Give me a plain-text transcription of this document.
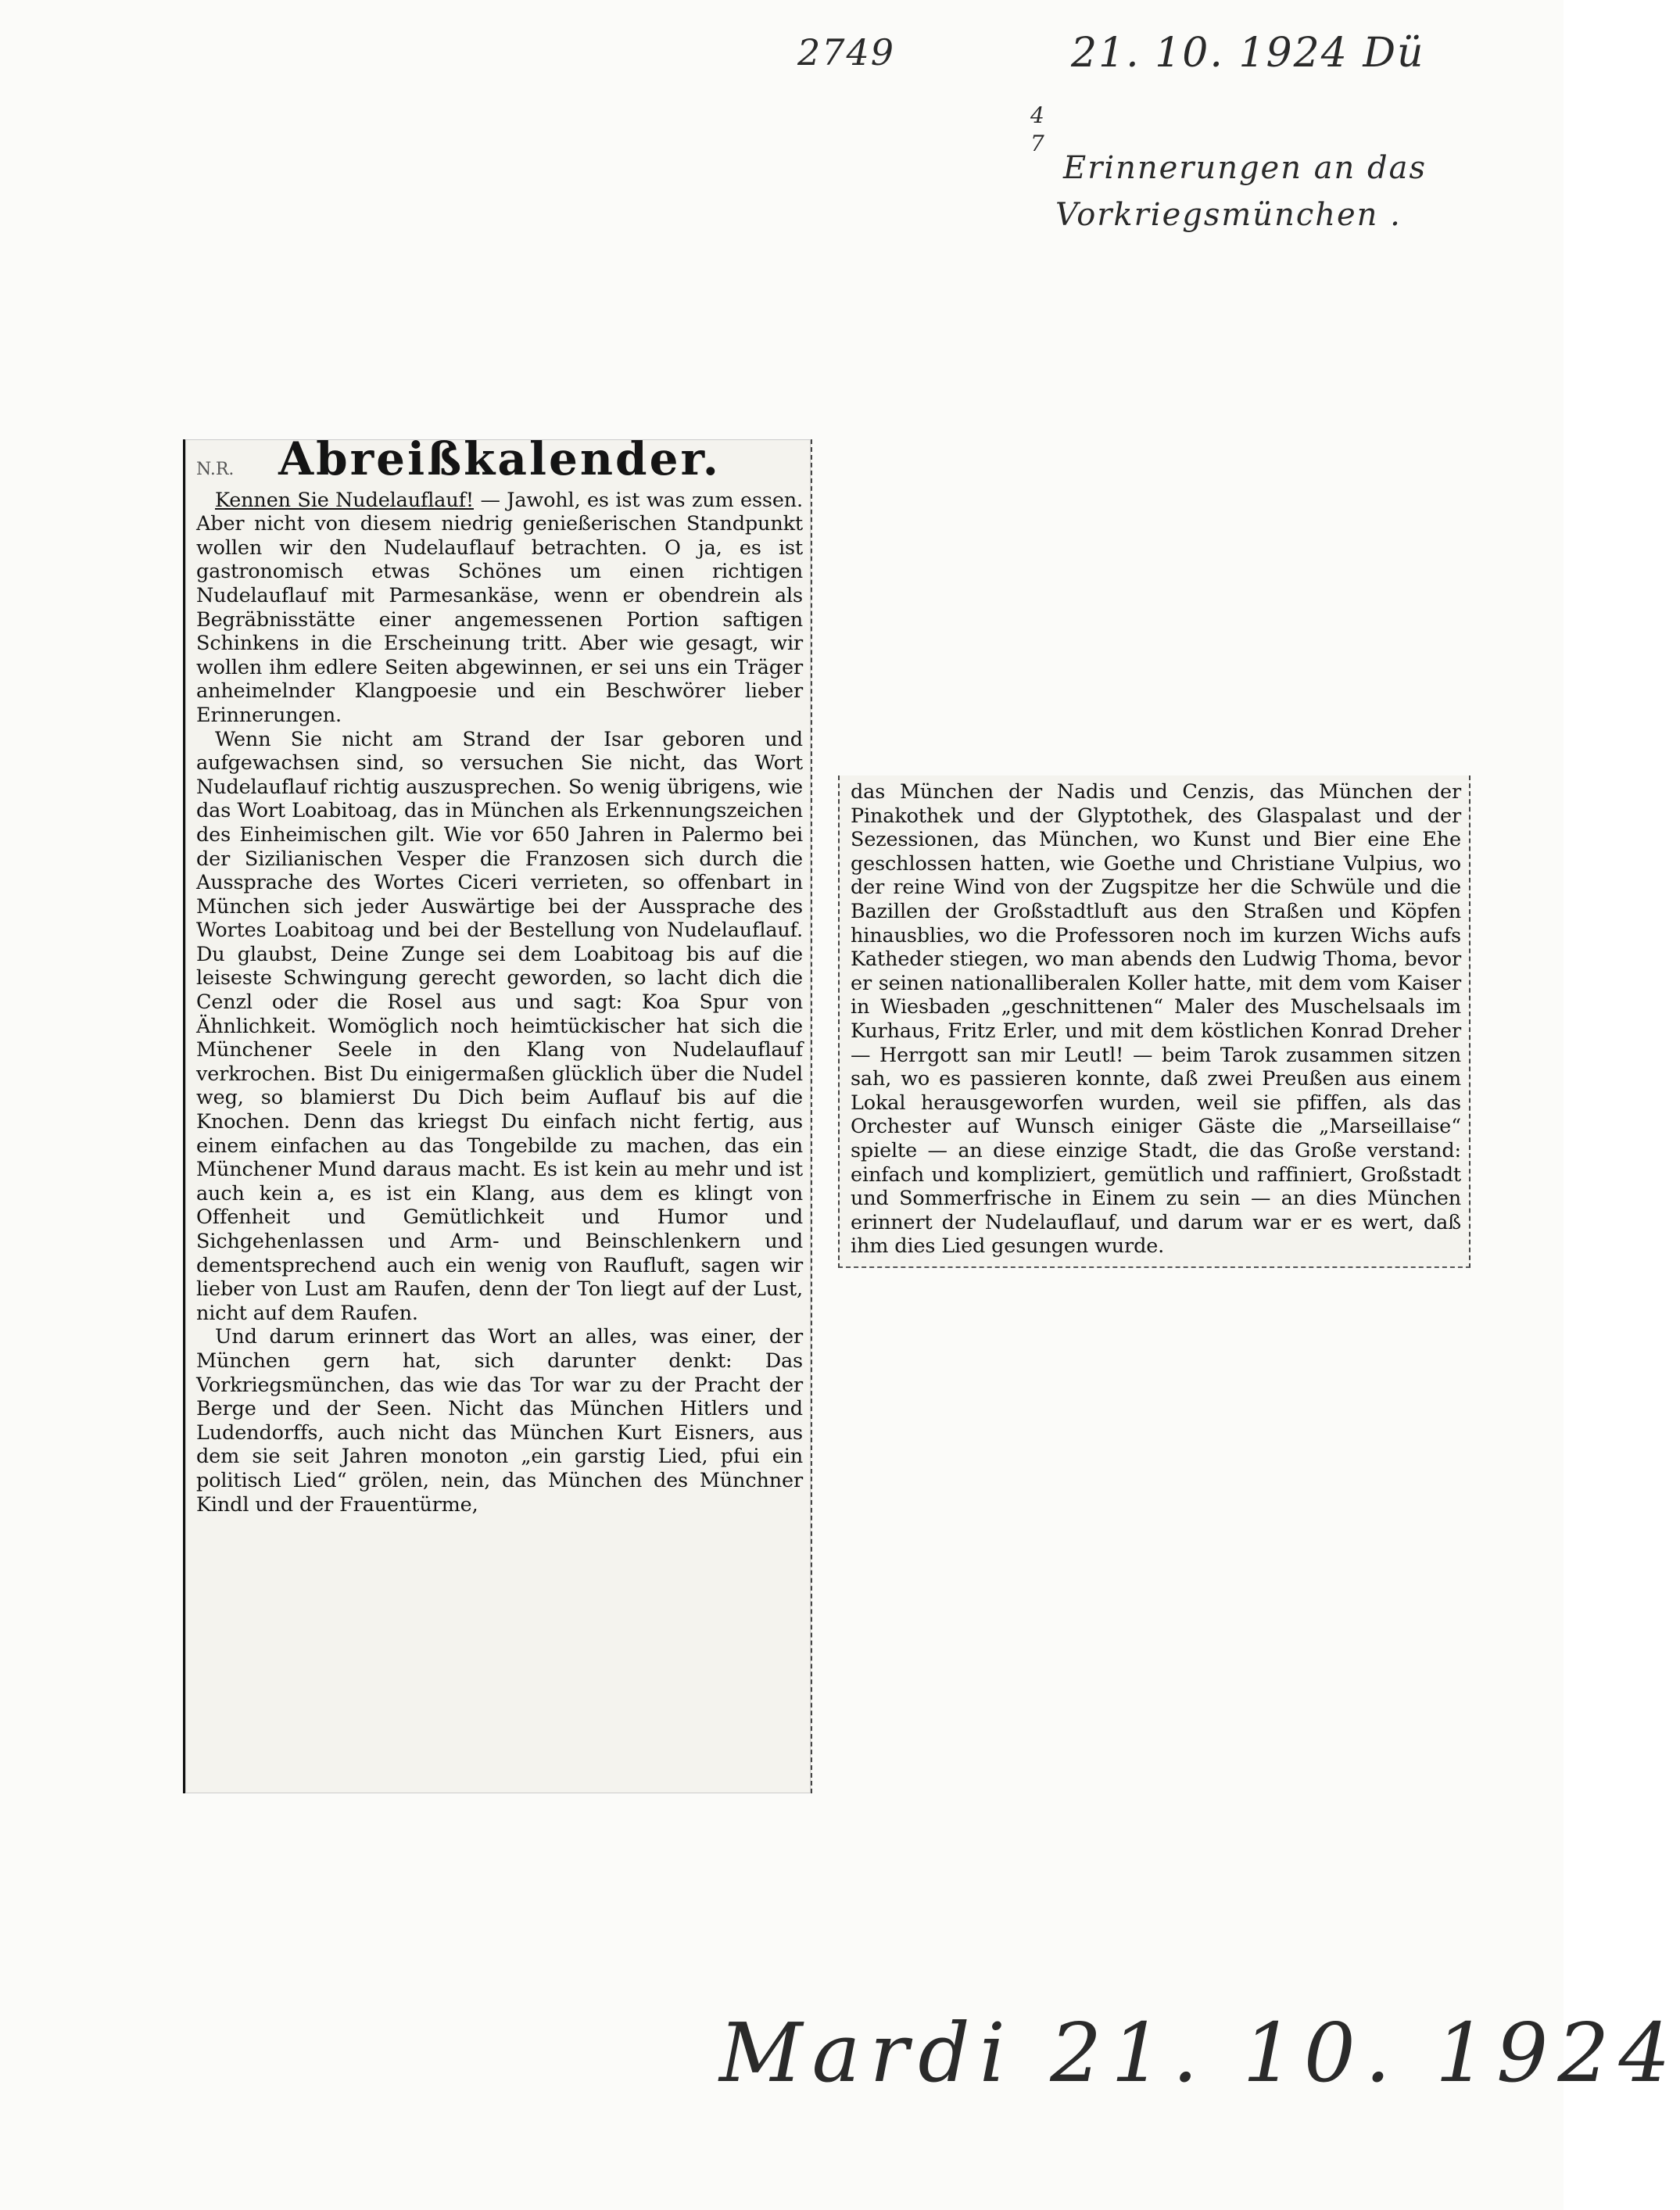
2749	21. 10. 1924 Dü
4
7
Erinnerungen an das
Vorkriegsmünchen .
N.R. Abreißkalender.

Kennen Sie Nudelauflauf! — Jawohl, es ist was zum essen. Aber nicht von diesem niedrig genießerischen Standpunkt wollen wir den Nudelauflauf betrachten. O ja, es ist gastronomisch etwas Schönes um einen richtigen Nudelauflauf mit Parmesankäse, wenn er obendrein als Begräbnisstätte einer angemessenen Portion saftigen Schinkens in die Erscheinung tritt. Aber wie gesagt, wir wollen ihm edlere Seiten abgewinnen, er sei uns ein Träger anheimelnder Klangpoesie und ein Beschwörer lieber Erinnerungen.

Wenn Sie nicht am Strand der Isar geboren und aufgewachsen sind, so versuchen Sie nicht, das Wort Nudelauflauf richtig auszusprechen. So wenig übrigens, wie das Wort Loabitoag, das in München als Erkennungszeichen des Einheimischen gilt. Wie vor 650 Jahren in Palermo bei der Sizilianischen Vesper die Franzosen sich durch die Aussprache des Wortes Ciceri verrieten, so offenbart in München sich jeder Auswärtige bei der Aussprache des Wortes Loabitoag und bei der Bestellung von Nudelauflauf. Du glaubst, Deine Zunge sei dem Loabitoag bis auf die leiseste Schwingung gerecht geworden, so lacht dich die Cenzl oder die Rosel aus und sagt: Koa Spur von Ähnlichkeit. Womöglich noch heimtückischer hat sich die Münchener Seele in den Klang von Nudelauflauf verkrochen. Bist Du einigermaßen glücklich über die Nudel weg, so blamierst Du Dich beim Auflauf bis auf die Knochen. Denn das kriegst Du einfach nicht fertig, aus einem einfachen au das Tongebilde zu machen, das ein Münchener Mund daraus macht. Es ist kein au mehr und ist auch kein a, es ist ein Klang, aus dem es klingt von Offenheit und Gemütlichkeit und Humor und Sichgehenlassen und Arm- und Beinschlenkern und dementsprechend auch ein wenig von Raufluft, sagen wir lieber von Lust am Raufen, denn der Ton liegt auf der Lust, nicht auf dem Raufen.

Und darum erinnert das Wort an alles, was einer, der München gern hat, sich darunter denkt: Das Vorkriegsmünchen, das wie das Tor war zu der Pracht der Berge und der Seen. Nicht das München Hitlers und Ludendorffs, auch nicht das München Kurt Eisners, aus dem sie seit Jahren monoton „ein garstig Lied, pfui ein politisch Lied“ grölen, nein, das München des Münchner Kindl und der Frauentürme,

das München der Nadis und Cenzis, das München der Pinakothek und der Glyptothek, des Glaspalast und der Sezessionen, das München, wo Kunst und Bier eine Ehe geschlossen hatten, wie Goethe und Christiane Vulpius, wo der reine Wind von der Zugspitze her die Schwüle und die Bazillen der Großstadtluft aus den Straßen und Köpfen hinausblies, wo die Professoren noch im kurzen Wichs aufs Katheder stiegen, wo man abends den Ludwig Thoma, bevor er seinen nationalliberalen Koller hatte, mit dem vom Kaiser in Wiesbaden „geschnittenen“ Maler des Muschelsaals im Kurhaus, Fritz Erler, und mit dem köstlichen Konrad Dreher — Herrgott san mir Leutl! — beim Tarok zusammen sitzen sah, wo es passieren konnte, daß zwei Preußen aus einem Lokal herausgeworfen wurden, weil sie pfiffen, als das Orchester auf Wunsch einiger Gäste die „Marseillaise“ spielte — an diese einzige Stadt, die das Große verstand: einfach und kompliziert, gemütlich und raffiniert, Großstadt und Sommerfrische in Einem zu sein — an dies München erinnert der Nudelauflauf, und darum war er es wert, daß ihm dies Lied gesungen wurde.

Mardi 21. 10. 1924
